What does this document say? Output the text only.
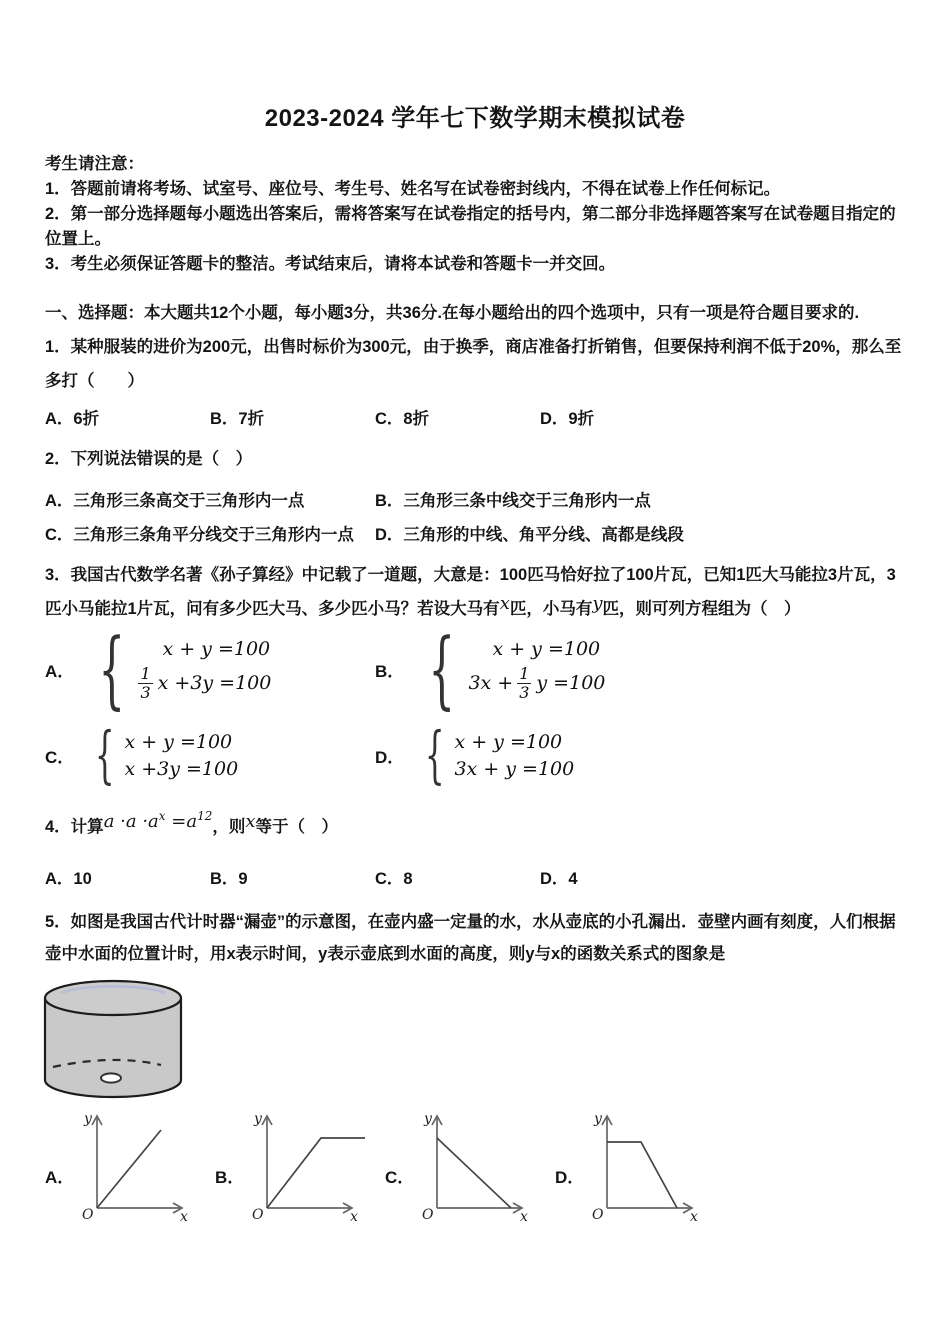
2023-2024 学年七下数学期末模拟试卷

考生请注意：

1．答题前请将考场、试室号、座位号、考生号、姓名写在试卷密封线内，不得在试卷上作任何标记。

2．第一部分选择题每小题选出答案后，需将答案写在试卷指定的括号内，第二部分非选择题答案写在试卷题目指定的位置上。

3．考生必须保证答题卡的整洁。考试结束后，请将本试卷和答题卡一并交回。

一、选择题：本大题共12个小题，每小题3分，共36分.在每小题给出的四个选项中，只有一项是符合题目要求的.

1．某种服装的进价为200元，出售时标价为300元，由于换季，商店准备打折销售，但要保持利润不低于20%，那么至多打（　　）

A．6折	B．7折	C．8折	D．9折

2．下列说法错误的是（　）

A．三角形三条高交于三角形内一点	B．三角形三条中线交于三角形内一点
C．三角形三条角平分线交于三角形内一点	D．三角形的中线、角平分线、高都是线段

3．我国古代数学名著《孙子算经》中记载了一道题，大意是：100匹马恰好拉了100片瓦，已知1匹大马能拉3片瓦，3匹小马能拉1片瓦，问有多少匹大马、多少匹小马？若设大马有x匹，小马有y匹，则可列方程组为（　）

A． {	x + y =100
$\frac{1}{3}$ x +3y =100
B． {	x + y =100
$3x + \frac{1}{3}$ y =100
C． { x + y =100
x +3y =100
D． { x + y =100
3x + y =100

4．计算$a \cdot a \cdot a^x =a^{12}$，则x等于（　）

A．10	B．9	C．8	D．4

5．如图是我国古代计时器“漏壶”的示意图，在壶内盛一定量的水，水从壶底的小孔漏出．壶壁内画有刻度，人们根据壶中水面的位置计时，用x表示时间，y表示壶底到水面的高度，则y与x的函数关系式的图象是

A．
y
x
O
B．
y
x
O
C．
y
x
O
D．
y
x
O
